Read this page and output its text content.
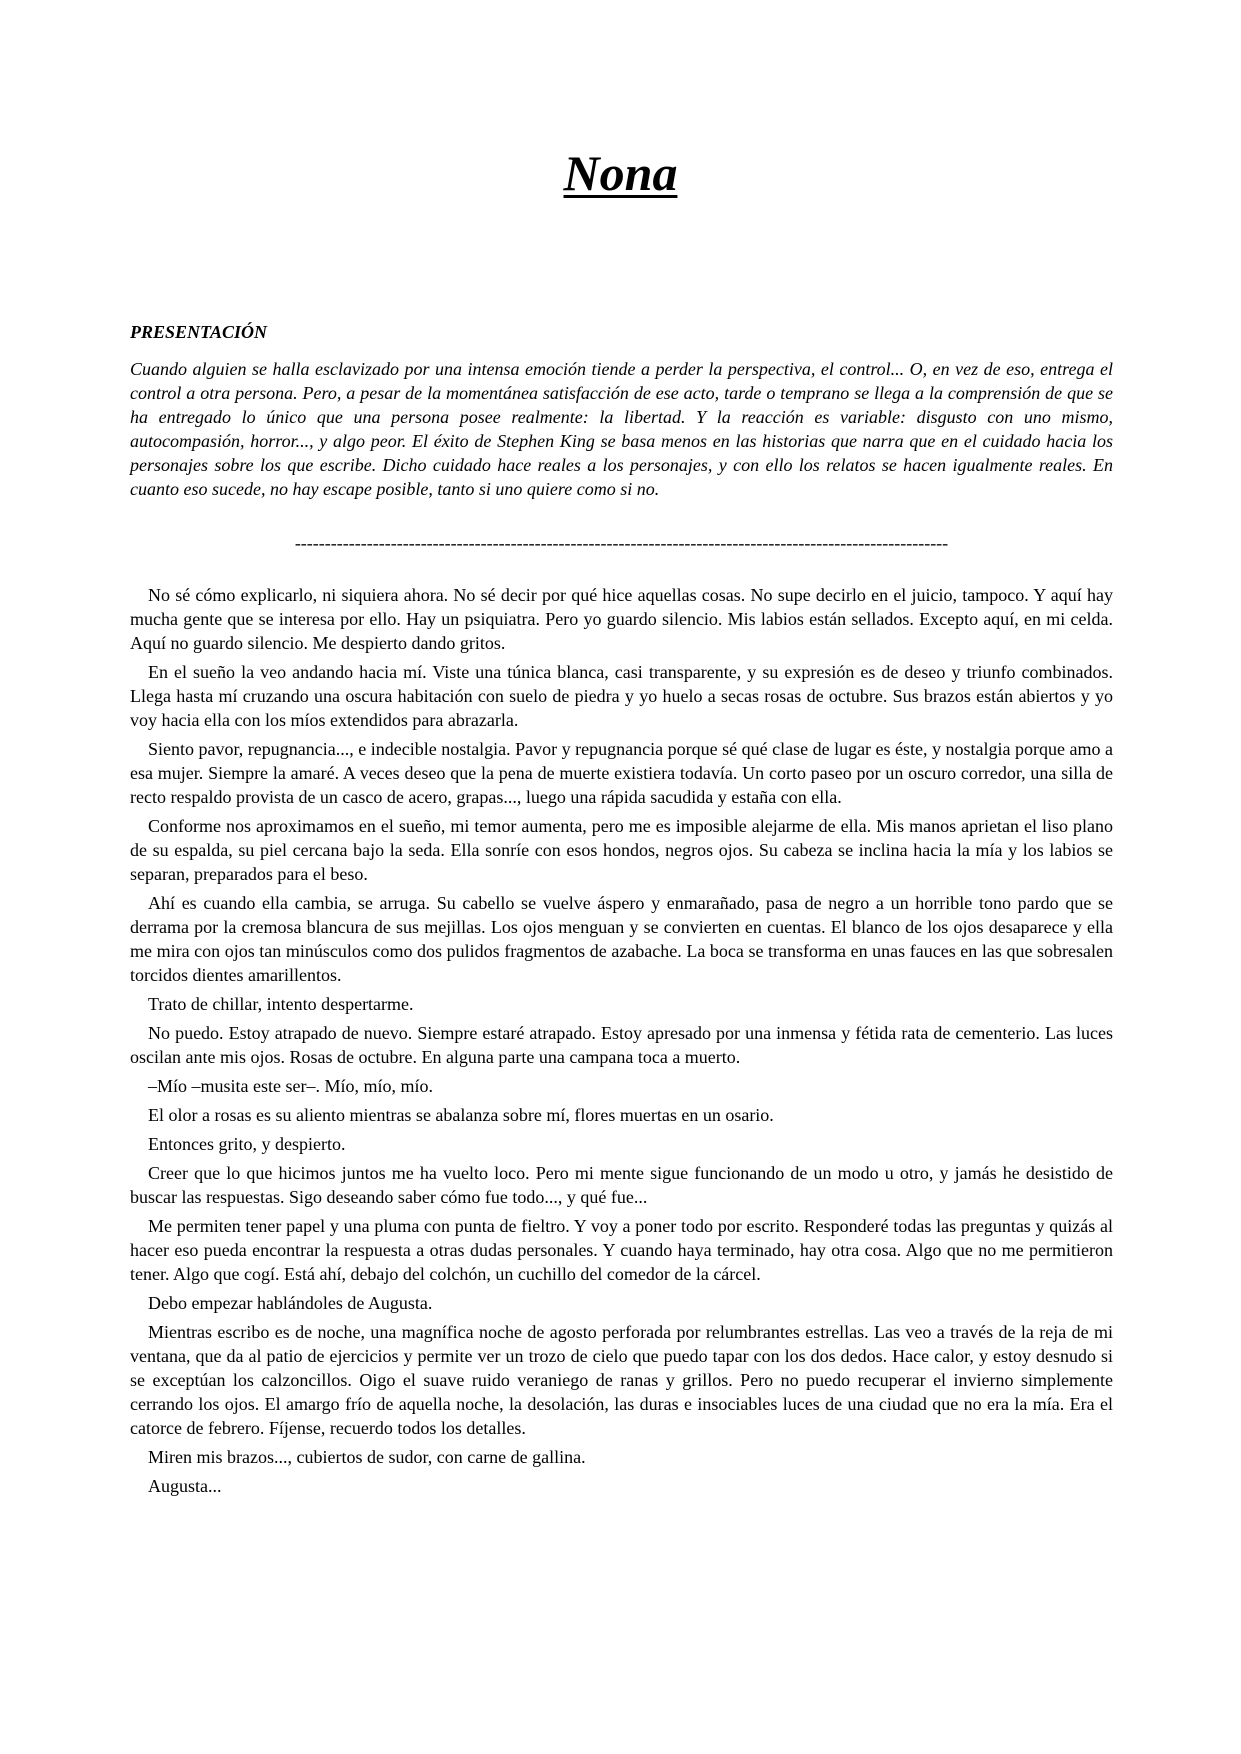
Nona
PRESENTACIÓN

Cuando alguien se halla esclavizado por una intensa emoción tiende a perder la perspectiva, el control... O, en vez de eso, entrega el control a otra persona. Pero, a pesar de la momentánea satisfacción de ese acto, tarde o temprano se llega a la comprensión de que se ha entregado lo único que una persona posee realmente: la libertad. Y la reacción es variable: disgusto con uno mismo, autocompasión, horror..., y algo peor. El éxito de Stephen King se basa menos en las historias que narra que en el cuidado hacia los personajes sobre los que escribe. Dicho cuidado hace reales a los personajes, y con ello los relatos se hacen igualmente reales. En cuanto eso sucede, no hay escape posible, tanto si uno quiere como si no.

-------------------------------------------------------------------------------------------------------------

No sé cómo explicarlo, ni siquiera ahora. No sé decir por qué hice aquellas cosas. No supe decirlo en el juicio, tampoco. Y aquí hay mucha gente que se interesa por ello. Hay un psiquiatra. Pero yo guardo silencio. Mis labios están sellados. Excepto aquí, en mi celda. Aquí no guardo silencio. Me despierto dando gritos.

En el sueño la veo andando hacia mí. Viste una túnica blanca, casi transparente, y su expresión es de deseo y triunfo combinados. Llega hasta mí cruzando una oscura habitación con suelo de piedra y yo huelo a secas rosas de octubre. Sus brazos están abiertos y yo voy hacia ella con los míos extendidos para abrazarla.

Siento pavor, repugnancia..., e indecible nostalgia. Pavor y repugnancia porque sé qué clase de lugar es éste, y nostalgia porque amo a esa mujer. Siempre la amaré. A veces deseo que la pena de muerte existiera todavía. Un corto paseo por un oscuro corredor, una silla de recto respaldo provista de un casco de acero, grapas..., luego una rápida sacudida y estaña con ella.

Conforme nos aproximamos en el sueño, mi temor aumenta, pero me es imposible alejarme de ella. Mis manos aprietan el liso plano de su espalda, su piel cercana bajo la seda. Ella sonríe con esos hondos, negros ojos. Su cabeza se inclina hacia la mía y los labios se separan, preparados para el beso.

Ahí es cuando ella cambia, se arruga. Su cabello se vuelve áspero y enmarañado, pasa de negro a un horrible tono pardo que se derrama por la cremosa blancura de sus mejillas. Los ojos menguan y se convierten en cuentas. El blanco de los ojos desaparece y ella me mira con ojos tan minúsculos como dos pulidos fragmentos de azabache. La boca se transforma en unas fauces en las que sobresalen torcidos dientes amarillentos.

Trato de chillar, intento despertarme.

No puedo. Estoy atrapado de nuevo. Siempre estaré atrapado. Estoy apresado por una inmensa y fétida rata de cementerio. Las luces oscilan ante mis ojos. Rosas de octubre. En alguna parte una campana toca a muerto.

–Mío –musita este ser–. Mío, mío, mío.

El olor a rosas es su aliento mientras se abalanza sobre mí, flores muertas en un osario.

Entonces grito, y despierto.

Creer que lo que hicimos juntos me ha vuelto loco. Pero mi mente sigue funcionando de un modo u otro, y jamás he desistido de buscar las respuestas. Sigo deseando saber cómo fue todo..., y qué fue...

Me permiten tener papel y una pluma con punta de fieltro. Y voy a poner todo por escrito. Responderé todas las preguntas y quizás al hacer eso pueda encontrar la respuesta a otras dudas personales. Y cuando haya terminado, hay otra cosa. Algo que no me permitieron tener. Algo que cogí. Está ahí, debajo del colchón, un cuchillo del comedor de la cárcel.

Debo empezar hablándoles de Augusta.

Mientras escribo es de noche, una magnífica noche de agosto perforada por relumbrantes estrellas. Las veo a través de la reja de mi ventana, que da al patio de ejercicios y permite ver un trozo de cielo que puedo tapar con los dos dedos. Hace calor, y estoy desnudo si se exceptúan los calzoncillos. Oigo el suave ruido veraniego de ranas y grillos. Pero no puedo recuperar el invierno simplemente cerrando los ojos. El amargo frío de aquella noche, la desolación, las duras e insociables luces de una ciudad que no era la mía. Era el catorce de febrero. Fíjense, recuerdo todos los detalles.

Miren mis brazos..., cubiertos de sudor, con carne de gallina.

Augusta...
